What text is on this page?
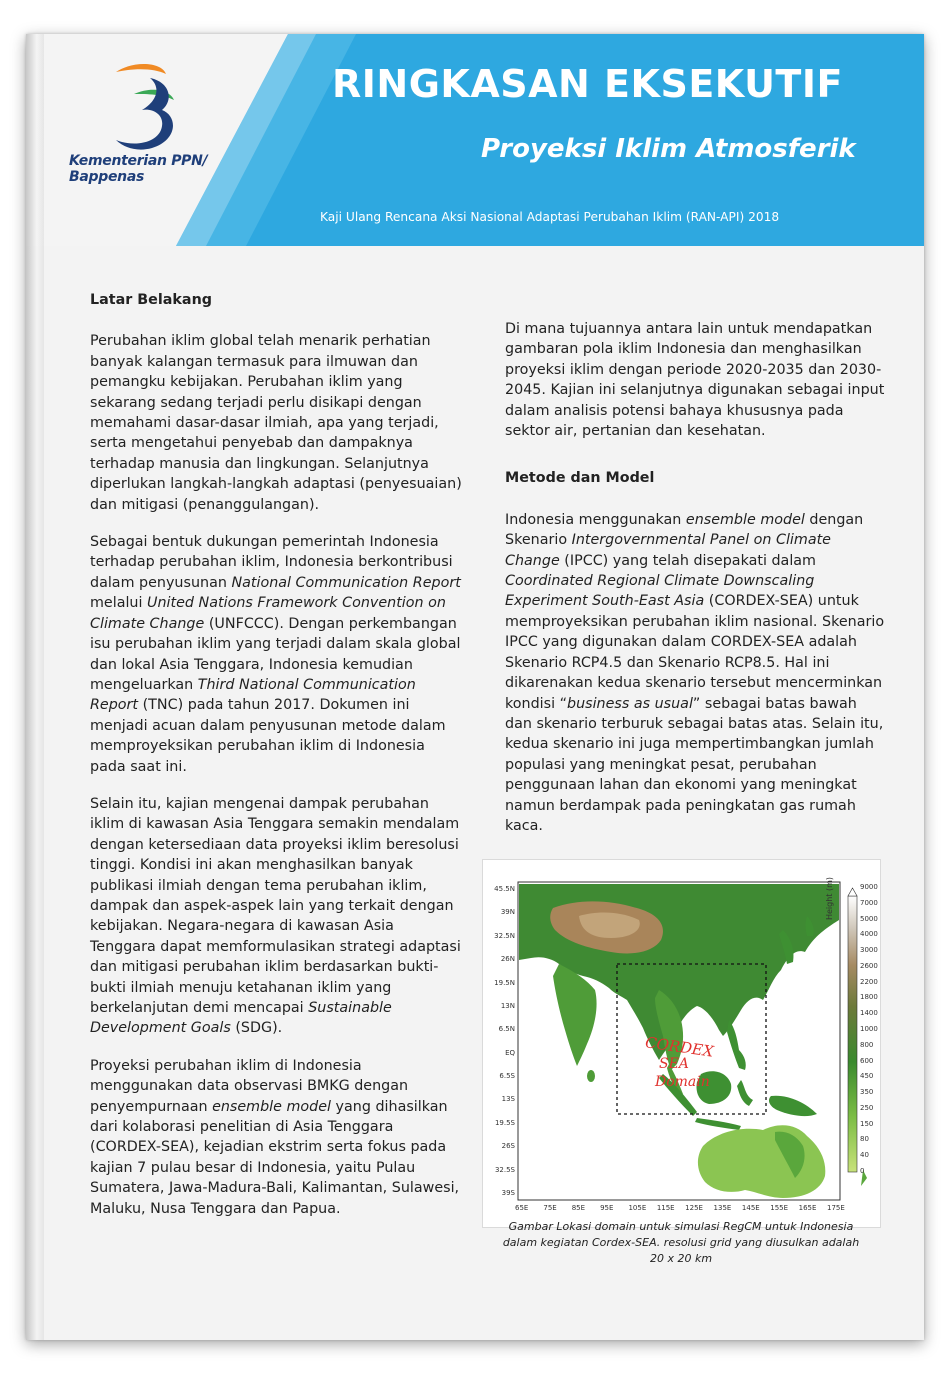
Kementerian PPN/
Bappenas
RINGKASAN EKSEKUTIF
Proyeksi Iklim Atmosferik
Kaji Ulang Rencana Aksi Nasional Adaptasi Perubahan Iklim (RAN-API) 2018
Latar Belakang

Perubahan iklim global telah menarik perhatian banyak kalangan termasuk para ilmuwan dan pemangku kebijakan. Perubahan iklim yang sekarang sedang terjadi perlu disikapi dengan memahami dasar-dasar ilmiah, apa yang terjadi, serta mengetahui penyebab dan dampaknya terhadap manusia dan lingkungan. Selanjutnya diperlukan langkah-langkah adaptasi (penyesuaian) dan mitigasi (penanggulangan).

Sebagai bentuk dukungan pemerintah Indonesia terhadap perubahan iklim, Indonesia berkontribusi dalam penyusunan National Communication Report melalui United Nations Framework Convention on Climate Change (UNFCCC). Dengan perkembangan isu perubahan iklim yang terjadi dalam skala global dan lokal Asia Tenggara, Indonesia kemudian mengeluarkan Third National Communication Report (TNC) pada tahun 2017. Dokumen ini menjadi acuan dalam penyusunan metode dalam memproyeksikan perubahan iklim di Indonesia pada saat ini.

Selain itu, kajian mengenai dampak perubahan iklim di kawasan Asia Tenggara semakin mendalam dengan ketersediaan data proyeksi iklim beresolusi tinggi. Kondisi ini akan menghasilkan banyak publikasi ilmiah dengan tema perubahan iklim, dampak dan aspek-aspek lain yang terkait dengan kebijakan. Negara-negara di kawasan Asia Tenggara dapat memformulasikan strategi adaptasi dan mitigasi perubahan iklim berdasarkan bukti-bukti ilmiah menuju ketahanan iklim yang berkelanjutan demi mencapai Sustainable Development Goals (SDG).

Proyeksi perubahan iklim di Indonesia menggunakan data observasi BMKG dengan penyempurnaan ensemble model yang dihasilkan dari kolaborasi penelitian di Asia Tenggara (CORDEX-SEA), kejadian ekstrim serta fokus pada kajian 7 pulau besar di Indonesia, yaitu Pulau Sumatera, Jawa-Madura-Bali, Kalimantan, Sulawesi, Maluku, Nusa Tenggara dan Papua.

Di mana tujuannya antara lain untuk mendapatkan gambaran pola iklim Indonesia dan menghasilkan proyeksi iklim dengan periode 2020-2035 dan 2030-2045. Kajian ini selanjutnya digunakan sebagai input dalam analisis potensi bahaya khususnya pada sektor air, pertanian dan kesehatan.

Metode dan Model

Indonesia menggunakan ensemble model dengan Skenario Intergovernmental Panel on Climate Change (IPCC) yang telah disepakati dalam Coordinated Regional Climate Downscaling Experiment South-East Asia (CORDEX-SEA) untuk memproyeksikan perubahan iklim nasional. Skenario IPCC yang digunakan dalam CORDEX-SEA adalah Skenario RCP4.5 dan Skenario RCP8.5. Hal ini dikarenakan kedua skenario tersebut mencerminkan kondisi “business as usual” sebagai batas bawah dan skenario terburuk sebagai batas atas. Selain itu, kedua skenario ini juga mempertimbangkan jumlah populasi yang meningkat pesat, perubahan penggunaan lahan dan ekonomi yang meningkat namun berdampak pada peningkatan gas rumah kaca.

CORDEX
SEA
Domain
45.5N
39N
32.5N
26N
19.5N
13N
6.5N
EQ
6.5S
13S
19.5S
26S
32.5S
39S
65E 75E 85E 95E 105E 115E 125E 135E 145E 155E 165E 175E
9000
7000
5000
4000
3000
2600
2200
1800
1400
1000
800
600
450
350
250
150
80
40
0
Height (m)
Gambar Lokasi domain untuk simulasi RegCM untuk Indonesia
dalam kegiatan Cordex-SEA. resolusi grid yang diusulkan adalah
20 x 20 km
